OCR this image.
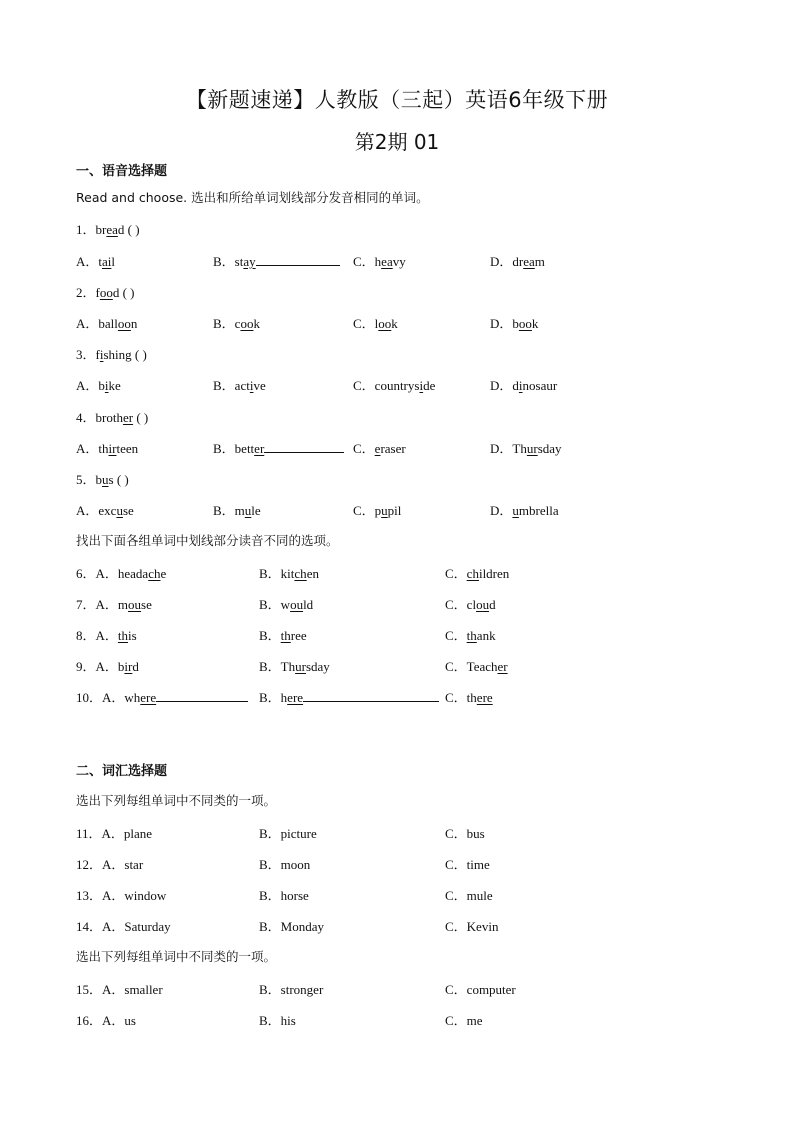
【新题速递】人教版（三起）英语6年级下册
第2期 01
一、语音选择题
Read and choose. 选出和所给单词划线部分发音相同的单词。
1．bread ( )
A．tail	B．stay	C．heavy	D．dream
2．food ( )
A．balloon	B．cook	C．look	D．book
3．fishing ( )
A．bike	B．active	C．countryside	D．dinosaur
4．brother ( )
A．thirteen	B．better	C．eraser	D．Thursday
5．bus ( )
A．excuse	B．mule	C．pupil	D．umbrella
找出下面各组单词中划线部分读音不同的选项。
6．A．headache	B．kitchen	C．children
7．A．mouse	B．would	C．cloud
8．A．this	B．three	C．thank
9．A．bird	B．Thursday	C．Teacher
10．A．where	B．here	C．there
二、词汇选择题
选出下列每组单词中不同类的一项。
11．A．plane	B．picture	C．bus
12．A．star	B．moon	C．time
13．A．window	B．horse	C．mule
14．A．Saturday	B．Monday	C．Kevin
选出下列每组单词中不同类的一项。
15．A．smaller	B．stronger	C．computer
16．A．us	B．his	C．me
